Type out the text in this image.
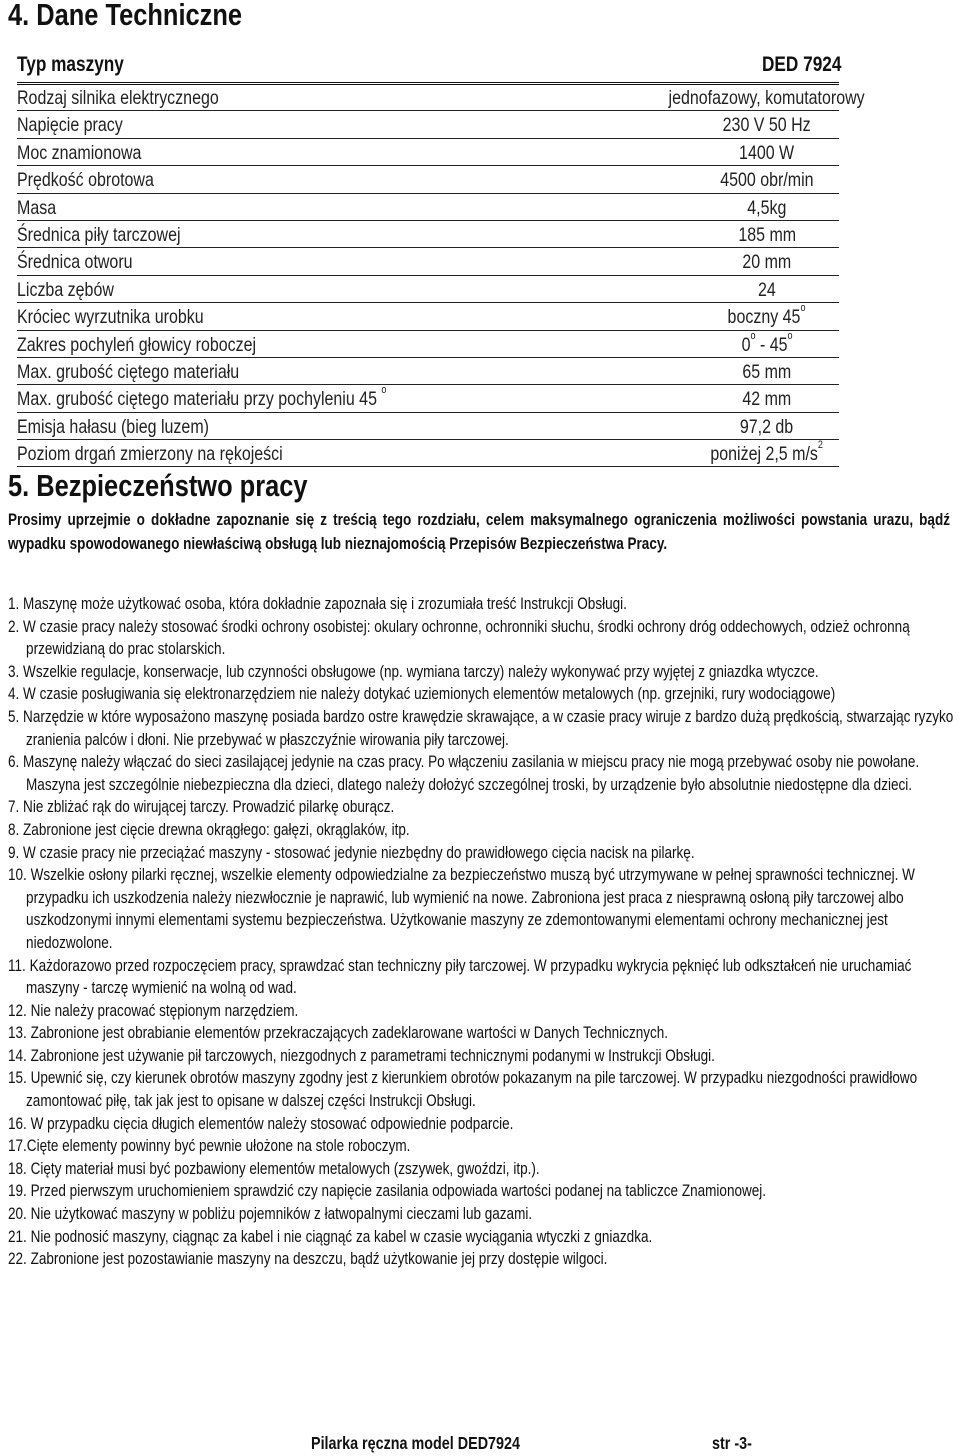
4. Dane Techniczne
Typ maszyny	DED 7924
Rodzaj silnika elektrycznego	jednofazowy, komutatorowy
Napięcie pracy	230 V 50 Hz
Moc znamionowa	1400 W
Prędkość obrotowa	4500 obr/min
Masa	4,5kg
Średnica piły tarczowej	185 mm
Średnica otworu	20 mm
Liczba zębów	24
Króciec wyrzutnika urobku	boczny 45$^o$
Zakres pochyleń głowicy roboczej	0$^o$ - 45$^o$
Max. grubość ciętego materiału	65 mm
Max. grubość ciętego materiału przy pochyleniu 45 $^o$	42 mm
Emisja hałasu (bieg luzem)	97,2 db
Poziom drgań zmierzony na rękojeści	poniżej 2,5 $m/s^2$
5. Bezpieczeństwo pracy

Prosimy uprzejmie o dokładne zapoznanie się z treścią tego rozdziału, celem maksymalnego ograniczenia możliwości powstania urazu, bądź wypadku spowodowanego niewłaściwą obsługą lub nieznajomością Przepisów Bezpieczeństwa Pracy.

1. Maszynę może użytkować osoba, która dokładnie zapoznała się i zrozumiała treść Instrukcji Obsługi.
2. W czasie pracy należy stosować środki ochrony osobistej: okulary ochronne, ochronniki słuchu, środki ochrony dróg oddechowych, odzież ochronną przewidzianą do prac stolarskich.
3. Wszelkie regulacje, konserwacje, lub czynności obsługowe (np. wymiana tarczy) należy wykonywać przy wyjętej z gniazdka wtyczce.
4. W czasie posługiwania się elektronarzędziem nie należy dotykać uziemionych elementów metalowych (np. grzejniki, rury wodociągowe)
5. Narzędzie w które wyposażono maszynę posiada bardzo ostre krawędzie skrawające, a w czasie pracy wiruje z bardzo dużą prędkością, stwarzając ryzyko zranienia palców i dłoni. Nie przebywać w płaszczyźnie wirowania piły tarczowej.
6. Maszynę należy włączać do sieci zasilającej jedynie na czas pracy. Po włączeniu zasilania w miejscu pracy nie mogą przebywać osoby nie powołane. Maszyna jest szczególnie niebezpieczna dla dzieci, dlatego należy dołożyć szczególnej troski, by urządzenie było absolutnie niedostępne dla dzieci.
7. Nie zbliżać rąk do wirującej tarczy. Prowadzić pilarkę oburącz.
8. Zabronione jest cięcie drewna okrągłego: gałęzi, okrąglaków, itp.
9. W czasie pracy nie przeciążać maszyny - stosować jedynie niezbędny do prawidłowego cięcia nacisk na pilarkę.
10. Wszelkie osłony pilarki ręcznej, wszelkie elementy odpowiedzialne za bezpieczeństwo muszą być utrzymywane w pełnej sprawności technicznej. W przypadku ich uszkodzenia należy niezwłocznie je naprawić, lub wymienić na nowe. Zabroniona jest praca z niesprawną osłoną piły tarczowej albo uszkodzonymi innymi elementami systemu bezpieczeństwa. Użytkowanie maszyny ze zdemontowanymi elementami ochrony mechanicznej jest niedozwolone.
11. Każdorazowo przed rozpoczęciem pracy, sprawdzać stan techniczny piły tarczowej. W przypadku wykrycia pęknięć lub odkształceń nie uruchamiać maszyny - tarczę wymienić na wolną od wad.
12. Nie należy pracować stępionym narzędziem.
13. Zabronione jest obrabianie elementów przekraczających zadeklarowane wartości w Danych Technicznych.
14. Zabronione jest używanie pił tarczowych, niezgodnych z parametrami technicznymi podanymi w Instrukcji Obsługi.
15. Upewnić się, czy kierunek obrotów maszyny zgodny jest z kierunkiem obrotów pokazanym na pile tarczowej. W przypadku niezgodności prawidłowo zamontować piłę, tak jak jest to opisane w dalszej części Instrukcji Obsługi.
16. W przypadku cięcia długich elementów należy stosować odpowiednie podparcie.
17.Cięte elementy powinny być pewnie ułożone na stole roboczym.
18. Cięty materiał musi być pozbawiony elementów metalowych (zszywek, gwoździ, itp.).
19. Przed pierwszym uruchomieniem sprawdzić czy napięcie zasilania odpowiada wartości podanej na tabliczce Znamionowej.
20. Nie użytkować maszyny w pobliżu pojemników z łatwopalnymi cieczami lub gazami.
21. Nie podnosić maszyny, ciągnąc za kabel i nie ciągnąć za kabel w czasie wyciągania wtyczki z gniazdka.
22. Zabronione jest pozostawianie maszyny na deszczu, bądź użytkowanie jej przy dostępie wilgoci.
Pilarka ręczna model DED7924	str -3-
